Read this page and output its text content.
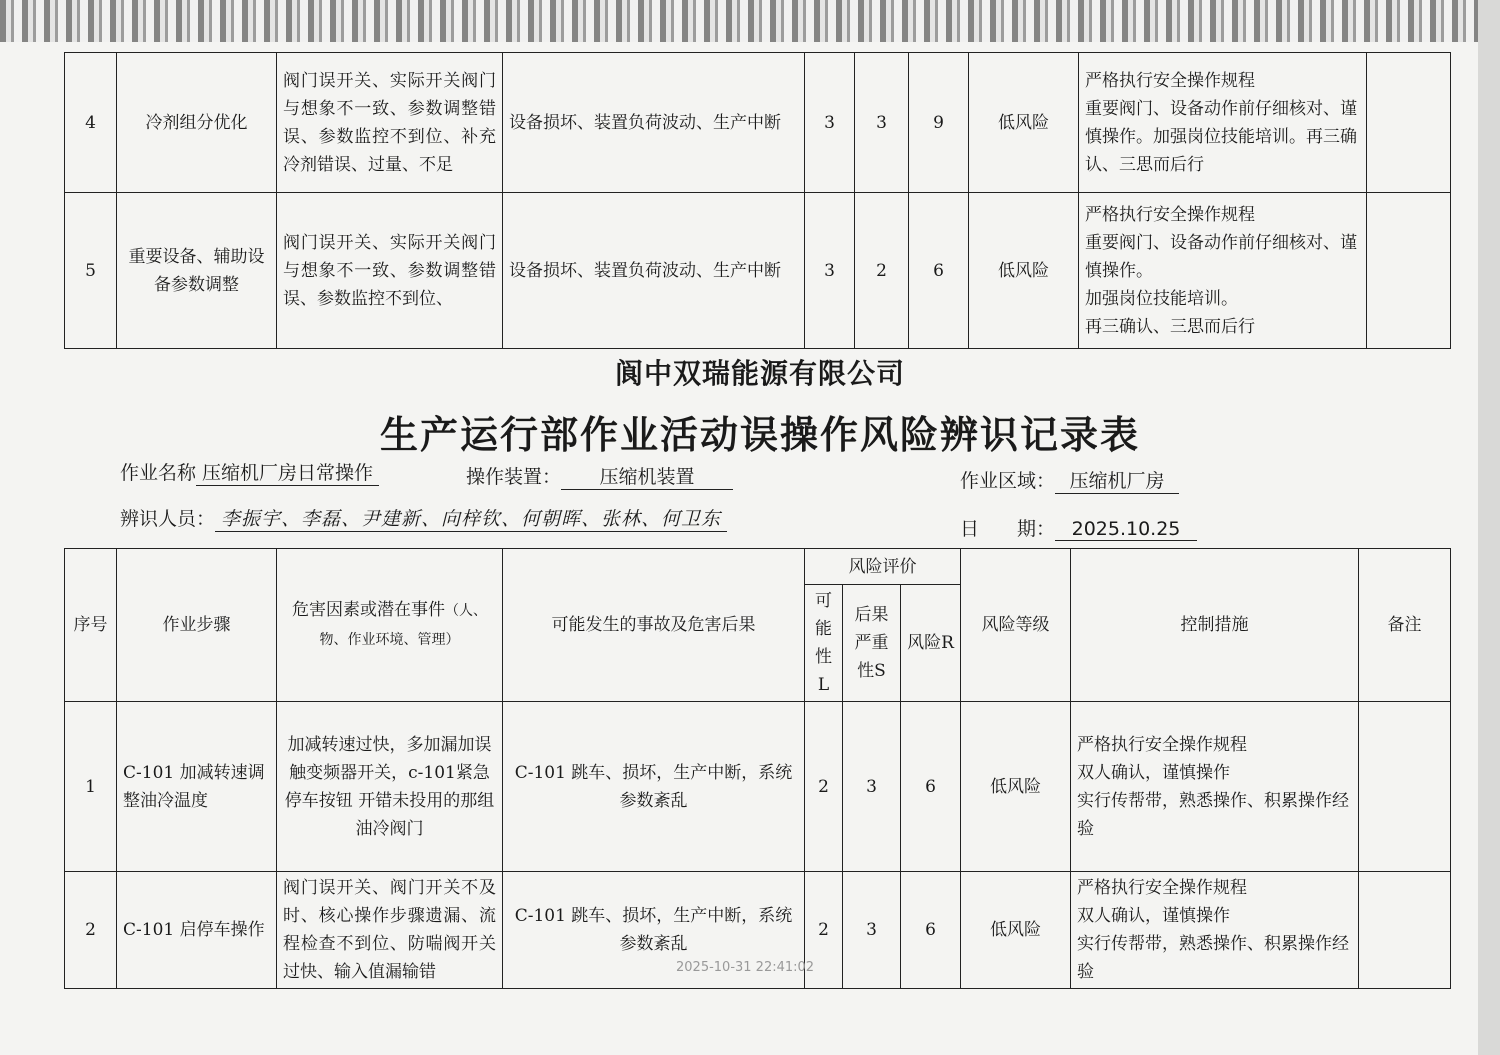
4	冷剂组分优化	阀门误开关、实际开关阀门与想象不一致、参数调整错误、参数监控不到位、补充冷剂错误、过量、不足	设备损坏、装置负荷波动、生产中断	3	3	9	低风险	严格执行安全操作规程
重要阀门、设备动作前仔细核对、谨慎操作。加强岗位技能培训。再三确认、三思而后行	

5	重要设备、辅助设备参数调整	阀门误开关、实际开关阀门与想象不一致、参数调整错误、参数监控不到位、	设备损坏、装置负荷波动、生产中断	3	2	6	低风险	严格执行安全操作规程
重要阀门、设备动作前仔细核对、谨慎操作。
加强岗位技能培训。
再三确认、三思而后行	

阆中双瑞能源有限公司
生产运行部作业活动误操作风险辨识记录表
作业名称 压缩机厂房日常操作	操作装置： 压缩机装置	作业区域： 压缩机厂房
辨识人员： 李振宇、李磊、尹建新、向梓钦、何朝晖、张林、何卫东	日　　期： 2025.10.25
序号	作业步骤	危害因素或潜在事件（人、物、作业环境、管理）	可能发生的事故及危害后果	风险评价			风险等级	控制措施	备注
				可能性L	后果严重性S	风险R			
1	C-101 加减转速调整油冷温度	加减转速过快，多加漏加误触变频器开关，c-101紧急停车按钮 开错未投用的那组油冷阀门	C-101 跳车、损坏，生产中断，系统参数紊乱	2	3	6	低风险	严格执行安全操作规程
双人确认，谨慎操作
实行传帮带，熟悉操作、积累操作经验	

2	C-101 启停车操作	阀门误开关、阀门开关不及时、核心操作步骤遗漏、流程检查不到位、防喘阀开关过快、输入值漏输错	C-101 跳车、损坏，生产中断，系统参数紊乱	2	3	6	低风险	严格执行安全操作规程
双人确认，谨慎操作
实行传帮带，熟悉操作、积累操作经验	

2025-10-31 22:41:02
